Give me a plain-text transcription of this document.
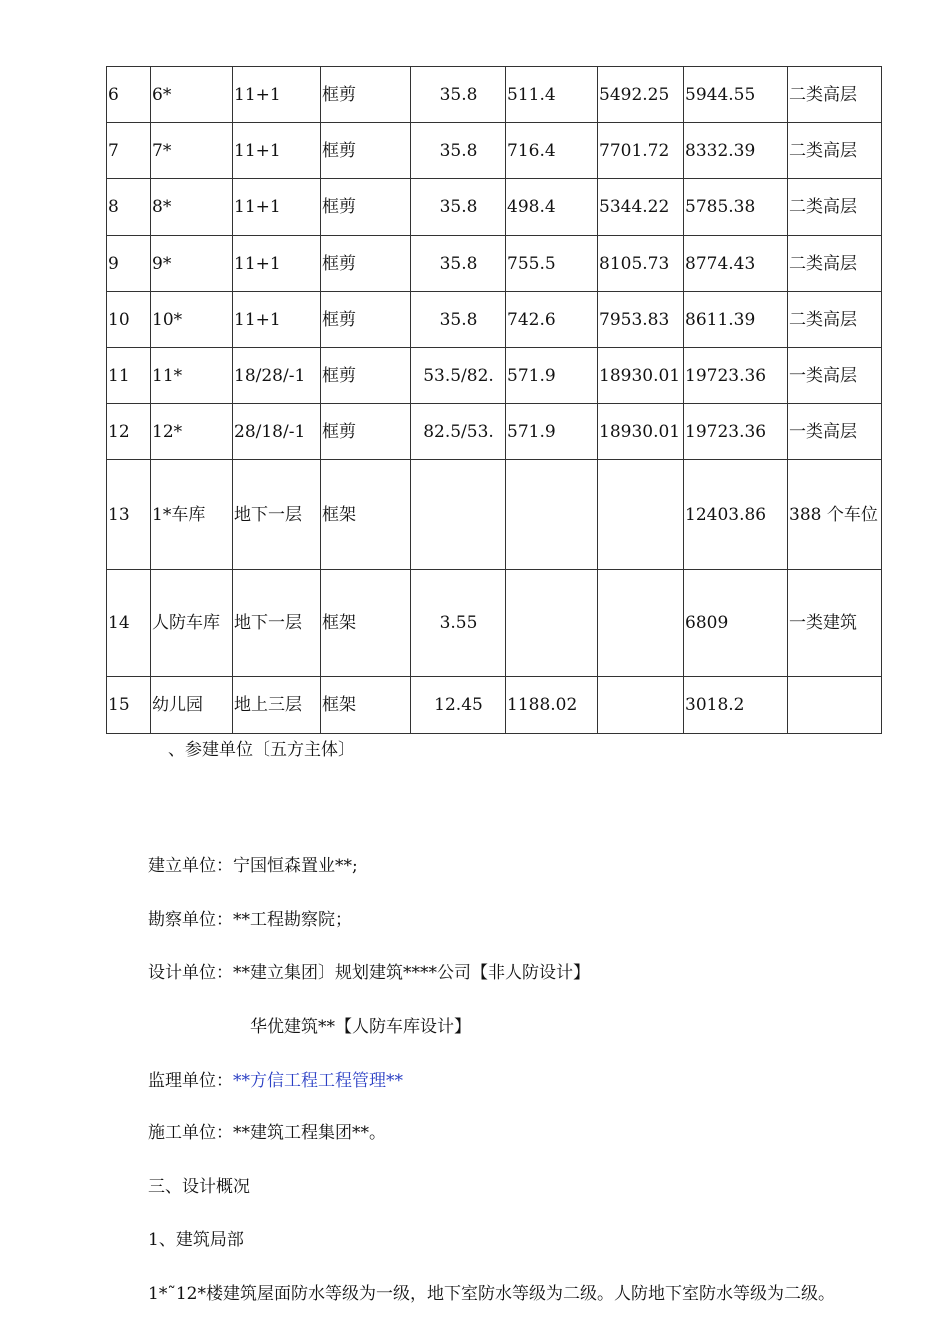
6	6*	11+1	框剪	35.8	511.4	5492.25	5944.55	二类高层
7	7*	11+1	框剪	35.8	716.4	7701.72	8332.39	二类高层
8	8*	11+1	框剪	35.8	498.4	5344.22	5785.38	二类高层
9	9*	11+1	框剪	35.8	755.5	8105.73	8774.43	二类高层
10	10*	11+1	框剪	35.8	742.6	7953.83	8611.39	二类高层
11	11*	18/28/-1	框剪	53.5/82.	571.9	18930.01	19723.36	一类高层
12	12*	28/18/-1	框剪	82.5/53.	571.9	18930.01	19723.36	一类高层
13	1*车库	地下一层	框架				12403.86	388 个车位
14	人防车库	地下一层	框架	3.55			6809	一类建筑
15	幼儿园	地上三层	框架	12.45	1188.02		3018.2	
、参建单位〔五方主体〕
建立单位：宁国恒森置业**;
勘察单位：**工程勘察院；
设计单位：**建立集团〕规划建筑****公司【非人防设计】
华优建筑**【人防车库设计】
监理单位：**方信工程工程管理**
施工单位：**建筑工程集团**。
三、设计概况
1、建筑局部
1*˜12*楼建筑屋面防水等级为一级，地下室防水等级为二级。人防地下室防水等级为二级。
